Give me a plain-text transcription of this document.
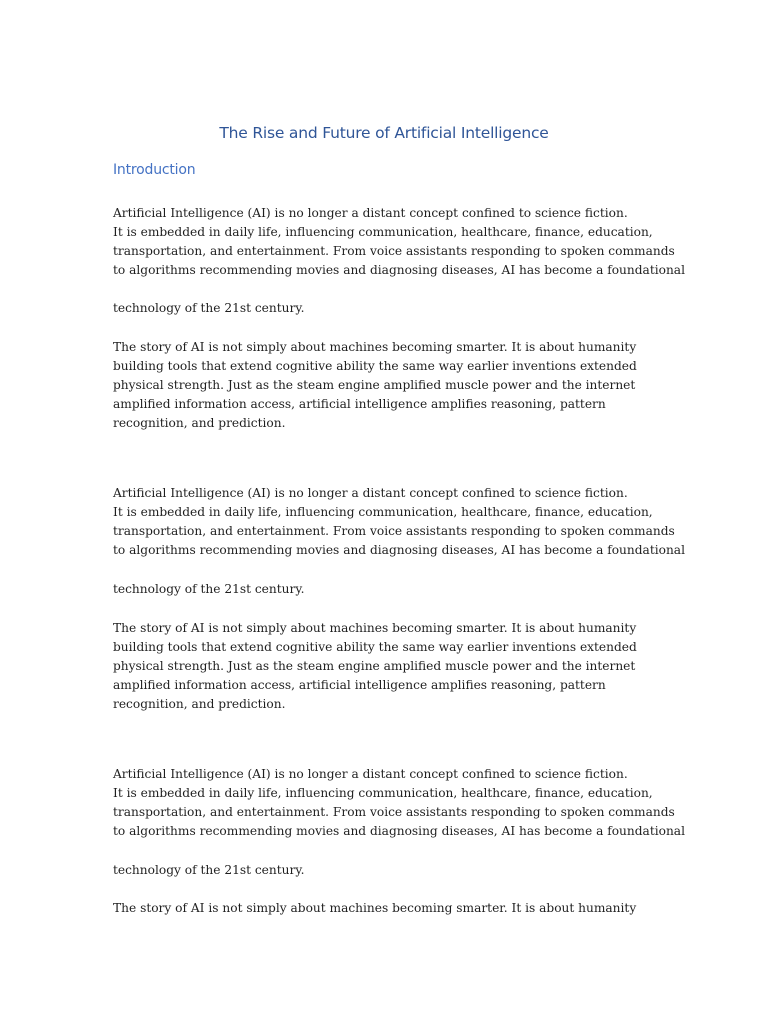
The Rise and Future of Artificial Intelligence
Introduction

Artificial Intelligence (AI) is no longer a distant concept confined to science fiction.
It is embedded in daily life, influencing communication, healthcare, finance, education,
transportation, and entertainment. From voice assistants responding to spoken commands
to algorithms recommending movies and diagnosing diseases, AI has become a foundational

technology of the 21st century.

The story of AI is not simply about machines becoming smarter. It is about humanity
building tools that extend cognitive ability the same way earlier inventions extended
physical strength. Just as the steam engine amplified muscle power and the internet
amplified information access, artificial intelligence amplifies reasoning, pattern
recognition, and prediction.

Artificial Intelligence (AI) is no longer a distant concept confined to science fiction.
It is embedded in daily life, influencing communication, healthcare, finance, education,
transportation, and entertainment. From voice assistants responding to spoken commands
to algorithms recommending movies and diagnosing diseases, AI has become a foundational

technology of the 21st century.

The story of AI is not simply about machines becoming smarter. It is about humanity
building tools that extend cognitive ability the same way earlier inventions extended
physical strength. Just as the steam engine amplified muscle power and the internet
amplified information access, artificial intelligence amplifies reasoning, pattern
recognition, and prediction.

Artificial Intelligence (AI) is no longer a distant concept confined to science fiction.
It is embedded in daily life, influencing communication, healthcare, finance, education,
transportation, and entertainment. From voice assistants responding to spoken commands
to algorithms recommending movies and diagnosing diseases, AI has become a foundational

technology of the 21st century.

The story of AI is not simply about machines becoming smarter. It is about humanity
